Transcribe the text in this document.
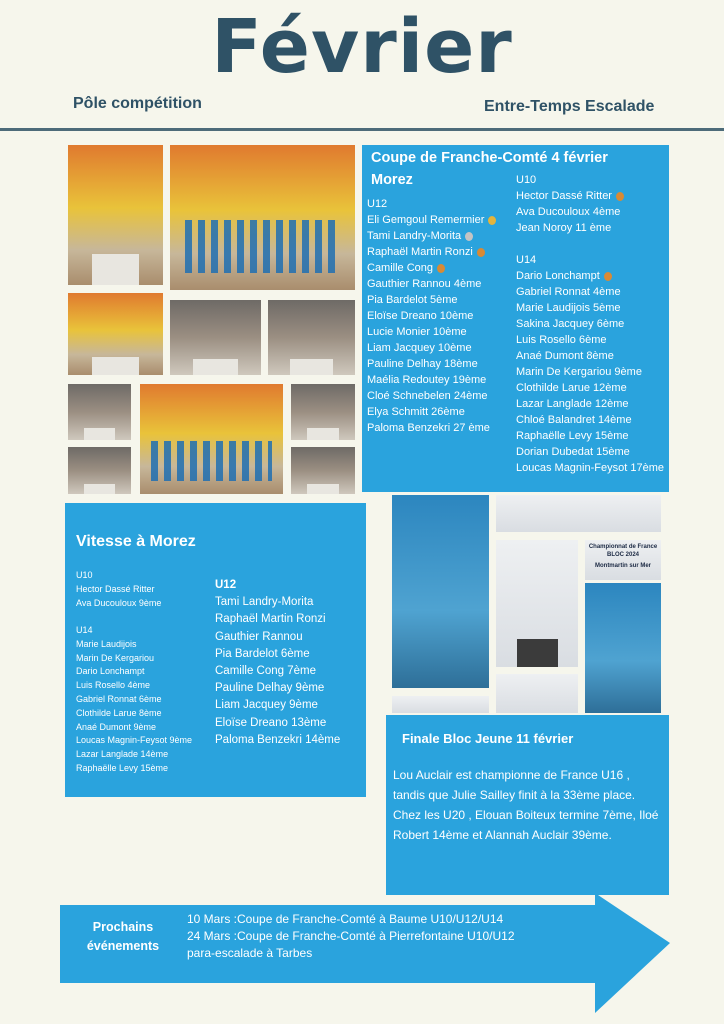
Février
Pôle compétition	Entre-Temps Escalade
Coupe de Franche-Comté 4 février
Morez
U12
Eli Gemgoul Remermier
Tami Landry-Morita
Raphaël Martin Ronzi
Camille Cong
Gauthier Rannou 4ème
Pia Bardelot 5ème
Eloïse Dreano 10ème
Lucie Monier 10ème
Liam Jacquey 10ème
Pauline Delhay 18ème
Maélia Redoutey 19ème
Cloé Schnebelen 24ème
Elya Schmitt 26ème
Paloma Benzekri 27 ème
U10
Hector Dassé Ritter
Ava Ducouloux 4ème
Jean Noroy 11 ème
U14
Dario Lonchampt
Gabriel Ronnat 4ème
Marie Laudijois 5ème
Sakina Jacquey 6ème
Luis Rosello 6ème
Anaé Dumont 8ème
Marin De Kergariou 9ème
Clothilde Larue 12ème
Lazar Langlade 12ème
Chloé Balandret 14ème
Raphaëlle Levy 15ème
Dorian Dubedat 15ème
Loucas Magnin-Feysot 17ème
Vitesse à Morez
U10
Hector Dassé Ritter
Ava Ducouloux 9ème
U14
Marie Laudijois
Marin De Kergariou
Dario Lonchampt
Luis Rosello 4ème
Gabriel Ronnat 6ème
Clothilde Larue 8ème
Anaé Dumont 9ème
Loucas Magnin-Feysot 9ème
Lazar Langlade 14ème
Raphaëlle Levy 15ème
U12
Tami Landry-Morita
Raphaël Martin Ronzi
Gauthier Rannou
Pia Bardelot 6ème
Camille Cong 7ème
Pauline Delhay 9ème
Liam Jacquey 9ème
Eloïse Dreano 13ème
Paloma Benzekri 14ème
Championnat de France
BLOC 2024
Montmartin sur Mer
Finale Bloc Jeune 11 février
Lou Auclair est championne de France U16 , tandis que Julie Sailley finit à la 33ème place. Chez les U20 , Elouan Boiteux termine 7ème, Iloé Robert 14ème et Alannah Auclair 39ème.
Prochains
événements
10 Mars :Coupe de Franche-Comté à Baume U10/U12/U14
24 Mars :Coupe de Franche-Comté à Pierrefontaine U10/U12
para-escalade à Tarbes
